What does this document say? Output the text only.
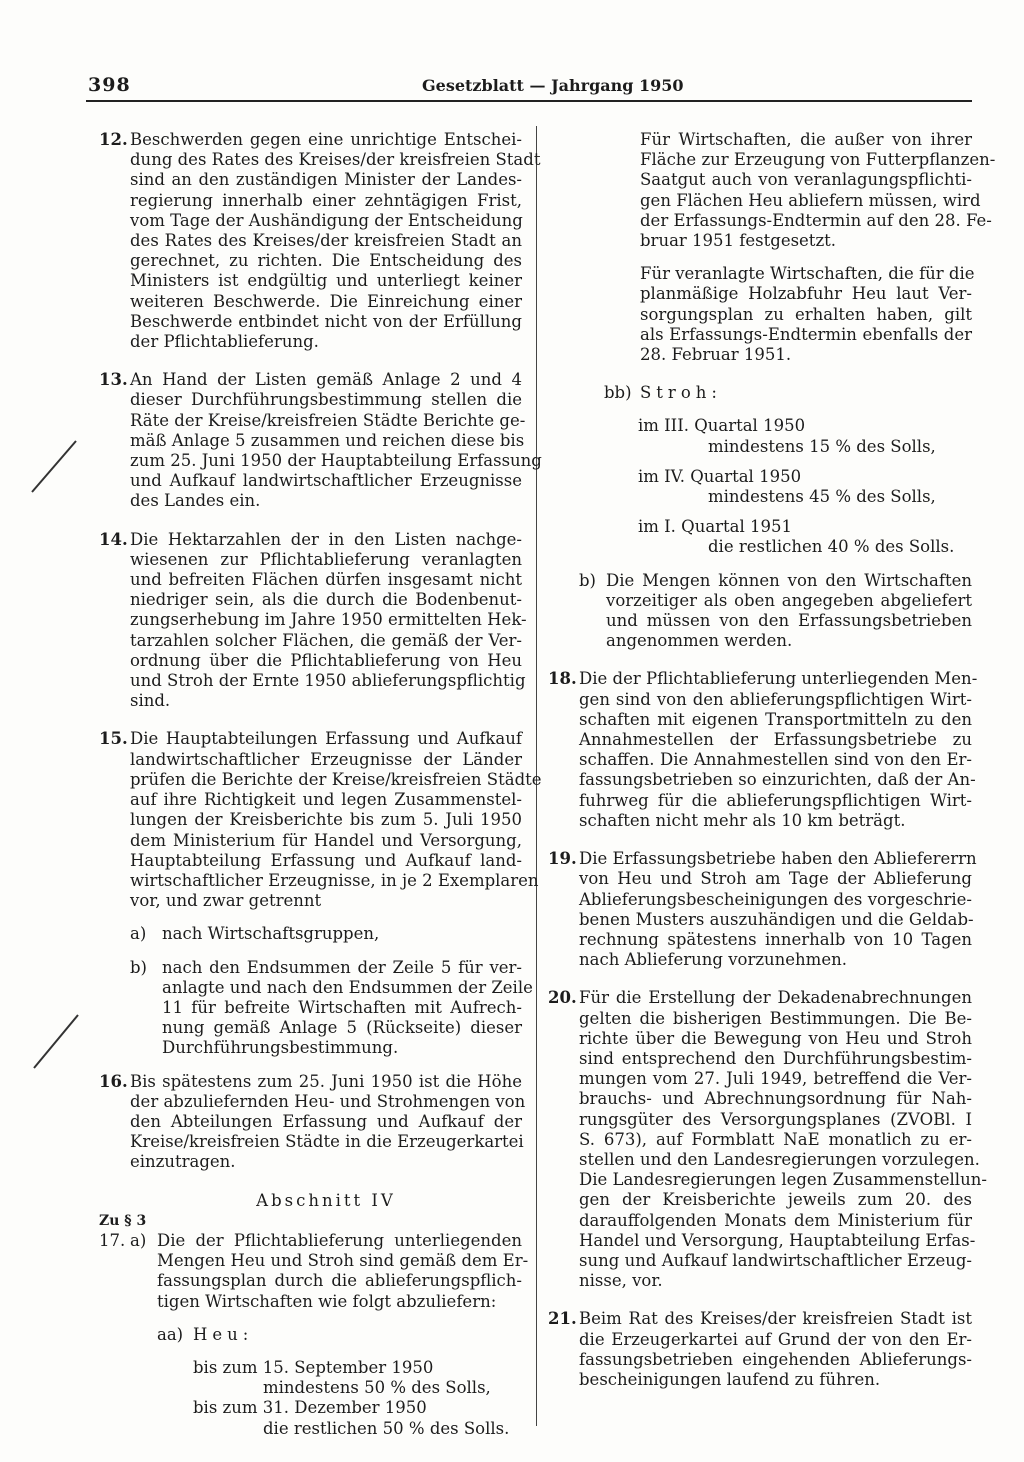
398	Gesetzblatt — Jahrgang 1950
12. Beschwerden gegen eine unrichtige Entschei-
dung des Rates des Kreises/der kreisfreien Stadt
sind an den zuständigen Minister der Landes-
regierung innerhalb einer zehntägigen Frist,
vom Tage der Aushändigung der Entscheidung
des Rates des Kreises/der kreisfreien Stadt an
gerechnet, zu richten. Die Entscheidung des
Ministers ist endgültig und unterliegt keiner
weiteren Beschwerde. Die Einreichung einer
Beschwerde entbindet nicht von der Erfüllung
der Pflichtablieferung.
13. An Hand der Listen gemäß Anlage 2 und 4
dieser Durchführungsbestimmung stellen die
Räte der Kreise/kreisfreien Städte Berichte ge-
mäß Anlage 5 zusammen und reichen diese bis
zum 25. Juni 1950 der Hauptabteilung Erfassung
und Aufkauf landwirtschaftlicher Erzeugnisse
des Landes ein.
14. Die Hektarzahlen der in den Listen nachge-
wiesenen zur Pflichtablieferung veranlagten
und befreiten Flächen dürfen insgesamt nicht
niedriger sein, als die durch die Bodenbenut-
zungserhebung im Jahre 1950 ermittelten Hek-
tarzahlen solcher Flächen, die gemäß der Ver-
ordnung über die Pflichtablieferung von Heu
und Stroh der Ernte 1950 ablieferungspflichtig
sind.
15. Die Hauptabteilungen Erfassung und Aufkauf
landwirtschaftlicher Erzeugnisse der Länder
prüfen die Berichte der Kreise/kreisfreien Städte
auf ihre Richtigkeit und legen Zusammenstel-
lungen der Kreisberichte bis zum 5. Juli 1950
dem Ministerium für Handel und Versorgung,
Hauptabteilung Erfassung und Aufkauf land-
wirtschaftlicher Erzeugnisse, in je 2 Exemplaren
vor, und zwar getrennt
a) nach Wirtschaftsgruppen,
b) nach den Endsummen der Zeile 5 für ver-
anlagte und nach den Endsummen der Zeile
11 für befreite Wirtschaften mit Aufrech-
nung gemäß Anlage 5 (Rückseite) dieser
Durchführungsbestimmung.
16. Bis spätestens zum 25. Juni 1950 ist die Höhe
der abzuliefernden Heu- und Strohmengen von
den Abteilungen Erfassung und Aufkauf der
Kreise/kreisfreien Städte in die Erzeugerkartei
einzutragen.
Abschnitt IV
Zu § 3
17. a) Die der Pflichtablieferung unterliegenden
Mengen Heu und Stroh sind gemäß dem Er-
fassungsplan durch die ablieferungspflich-
tigen Wirtschaften wie folgt abzuliefern:
aa) Heu:
bis zum 15. September 1950
mindestens 50 % des Solls,
bis zum 31. Dezember 1950
die restlichen 50 % des Solls.
Für Wirtschaften, die außer von ihrer
Fläche zur Erzeugung von Futterpflanzen-
Saatgut auch von veranlagungspflichti-
gen Flächen Heu abliefern müssen, wird
der Erfassungs-Endtermin auf den 28. Fe-
bruar 1951 festgesetzt.
Für veranlagte Wirtschaften, die für die
planmäßige Holzabfuhr Heu laut Ver-
sorgungsplan zu erhalten haben, gilt
als Erfassungs-Endtermin ebenfalls der
28. Februar 1951.
bb) Stroh:
im III. Quartal 1950
mindestens 15 % des Solls,
im IV. Quartal 1950
mindestens 45 % des Solls,
im I. Quartal 1951
die restlichen 40 % des Solls.
b) Die Mengen können von den Wirtschaften
vorzeitiger als oben angegeben abgeliefert
und müssen von den Erfassungsbetrieben
angenommen werden.
18. Die der Pflichtablieferung unterliegenden Men-
gen sind von den ablieferungspflichtigen Wirt-
schaften mit eigenen Transportmitteln zu den
Annahmestellen der Erfassungsbetriebe zu
schaffen. Die Annahmestellen sind von den Er-
fassungsbetrieben so einzurichten, daß der An-
fuhrweg für die ablieferungspflichtigen Wirt-
schaften nicht mehr als 10 km beträgt.
19. Die Erfassungsbetriebe haben den Abliefererrn
von Heu und Stroh am Tage der Ablieferung
Ablieferungsbescheinigungen des vorgeschrie-
benen Musters auszuhändigen und die Geldab-
rechnung spätestens innerhalb von 10 Tagen
nach Ablieferung vorzunehmen.
20. Für die Erstellung der Dekadenabrechnungen
gelten die bisherigen Bestimmungen. Die Be-
richte über die Bewegung von Heu und Stroh
sind entsprechend den Durchführungsbestim-
mungen vom 27. Juli 1949, betreffend die Ver-
brauchs- und Abrechnungsordnung für Nah-
rungsgüter des Versorgungsplanes (ZVOBl. I
S. 673), auf Formblatt NaE monatlich zu er-
stellen und den Landesregierungen vorzulegen.
Die Landesregierungen legen Zusammenstellun-
gen der Kreisberichte jeweils zum 20. des
darauffolgenden Monats dem Ministerium für
Handel und Versorgung, Hauptabteilung Erfas-
sung und Aufkauf landwirtschaftlicher Erzeug-
nisse, vor.
21. Beim Rat des Kreises/der kreisfreien Stadt ist
die Erzeugerkartei auf Grund der von den Er-
fassungsbetrieben eingehenden Ablieferungs-
bescheinigungen laufend zu führen.
